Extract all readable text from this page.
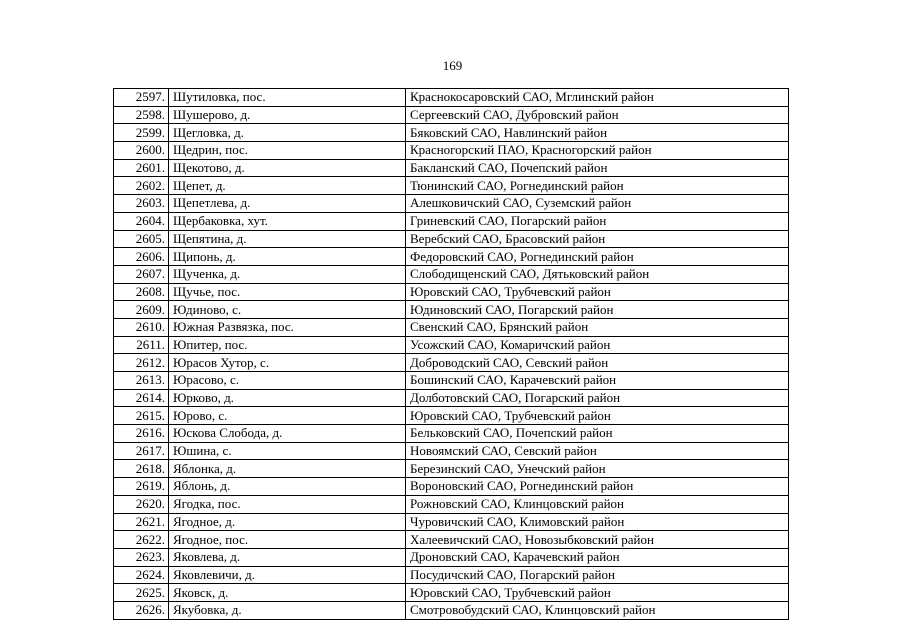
169
2597.	Шутиловка, пос.	Краснокосаровский САО, Мглинский район
2598.	Шушерово, д.	Сергеевский САО, Дубровский район
2599.	Щегловка, д.	Бяковский САО, Навлинский район
2600.	Щедрин, пос.	Красногорский ПАО, Красногорский район
2601.	Щекотово, д.	Бакланский САО, Почепский район
2602.	Щепет, д.	Тюнинский САО, Рогнединский район
2603.	Щепетлева, д.	Алешковичский САО, Суземский район
2604.	Щербаковка, хут.	Гриневский САО, Погарский район
2605.	Щепятина, д.	Веребский САО, Брасовский район
2606.	Щипонь, д.	Федоровский САО, Рогнединский район
2607.	Щученка, д.	Слободищенский САО, Дятьковский район
2608.	Щучье, пос.	Юровский САО, Трубчевский район
2609.	Юдиново, с.	Юдиновский САО, Погарский район
2610.	Южная Развязка, пос.	Свенский САО, Брянский район
2611.	Юпитер, пос.	Усожский САО, Комаричский район
2612.	Юрасов Хутор, с.	Доброводский САО, Севский район
2613.	Юрасово, с.	Бошинский САО, Карачевский район
2614.	Юрково, д.	Долботовский САО, Погарский район
2615.	Юрово, с.	Юровский САО, Трубчевский район
2616.	Юскова Слобода, д.	Бельковский САО, Почепский район
2617.	Юшина, с.	Новоямский САО, Севский район
2618.	Яблонка, д.	Березинский САО, Унечский район
2619.	Яблонь, д.	Вороновский САО, Рогнединский район
2620.	Ягодка, пос.	Рожновский САО, Клинцовский район
2621.	Ягодное, д.	Чуровичский САО, Климовский район
2622.	Ягодное, пос.	Халеевичский САО, Новозыбковский район
2623.	Яковлева, д.	Дроновский САО, Карачевский район
2624.	Яковлевичи, д.	Посудичский САО, Погарский район
2625.	Яковск, д.	Юровский САО, Трубчевский район
2626.	Якубовка, д.	Смотровобудский САО, Клинцовский район
